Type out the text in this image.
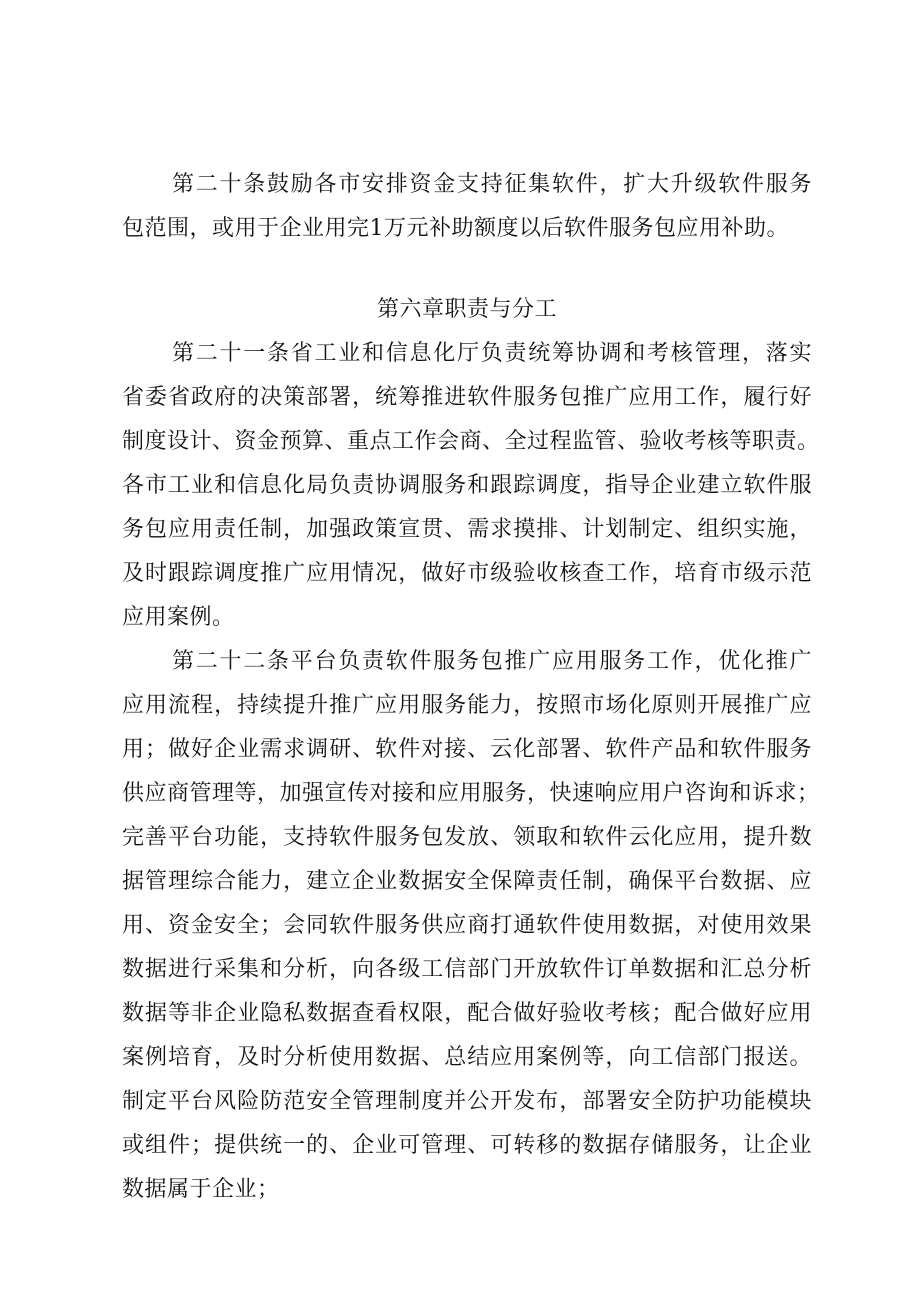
第二十条鼓励各市安排资金支持征集软件，扩大升级软件服务
包范围，或用于企业用完1万元补助额度以后软件服务包应用补助。
第六章职责与分工
第二十一条省工业和信息化厅负责统筹协调和考核管理，落实
省委省政府的决策部署，统筹推进软件服务包推广应用工作，履行好
制度设计、资金预算、重点工作会商、全过程监管、验收考核等职责。
各市工业和信息化局负责协调服务和跟踪调度，指导企业建立软件服
务包应用责任制，加强政策宣贯、需求摸排、计划制定、组织实施，
及时跟踪调度推广应用情况，做好市级验收核查工作，培育市级示范
应用案例。
第二十二条平台负责软件服务包推广应用服务工作，优化推广
应用流程，持续提升推广应用服务能力，按照市场化原则开展推广应
用；做好企业需求调研、软件对接、云化部署、软件产品和软件服务
供应商管理等，加强宣传对接和应用服务，快速响应用户咨询和诉求；
完善平台功能，支持软件服务包发放、领取和软件云化应用，提升数
据管理综合能力，建立企业数据安全保障责任制，确保平台数据、应
用、资金安全；会同软件服务供应商打通软件使用数据，对使用效果
数据进行采集和分析，向各级工信部门开放软件订单数据和汇总分析
数据等非企业隐私数据查看权限，配合做好验收考核；配合做好应用
案例培育，及时分析使用数据、总结应用案例等，向工信部门报送。
制定平台风险防范安全管理制度并公开发布，部署安全防护功能模块
或组件；提供统一的、企业可管理、可转移的数据存储服务，让企业
数据属于企业；
